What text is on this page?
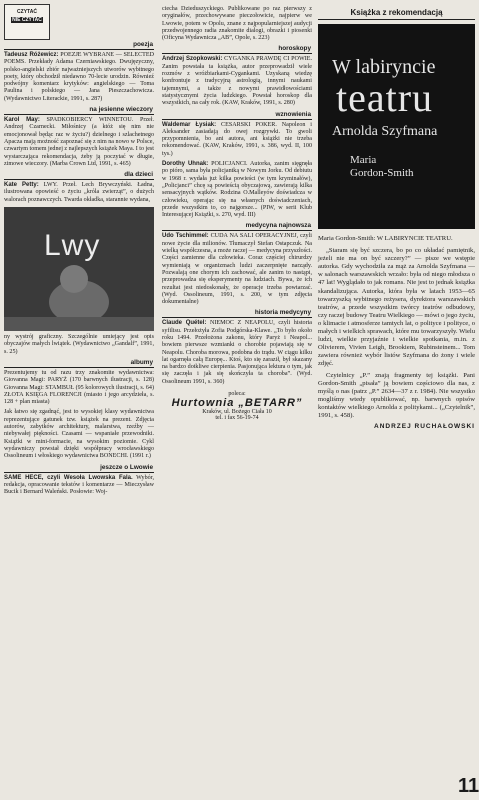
CZYTAĆ
NIE CZYTAĆ
poezja

Tadeusz Różewicz: POEZJE WYBRANE — SELECTED POEMS. Przekłady Adama Czerniawskiego. Dwujęzyczny, polsko-angielski zbiór najważniejszych utworów wybitnego poety, który obchodził niedawno 70-lecie urodzin. Równieź podwójny komentarz krytyków: angielskiego — Toma Paulina i polskiego — Jana Pieszczachowicza. (Wydawnictwo Literackie, 1991, s. 287)

na jesienne wieczory

Karol May: SPADKOBIERCY WINNETOU. Przeł. Andrzej Czarnecki. Miłośnicy (a któż się nim nie emocjonował będąc raz w życiu?) dzielnego i szlachetnego Apacza mają możność zapoznać się z nim na nowo w Polsce, czwartym tomem jednej z najlepszych książek Maya. I to jest wystarczająca rekomendacja, żeby ją poczytać w długie, zimowe wieczory. (Marba Crown Ltd, 1991, s. 465)

dla dzieci

Kate Petty: LWY. Przeł. Lech Brywczyński. Ładna, ilustrowana opowieść o życiu „króla zwierząt”, o dużych walorach poznawczych. Twarda okładka, starannie wydana,

Lwy

ny wystrój graficzny. Szczególnie umiejący jest opis obyczajów małych lwiątek. (Wydawnictwo „Gandalf”, 1991, s. 25)

albumy

Prezentujemy tu od razu trzy znakomite wydawnictwa: Giovanna Magi: PARYŻ (170 barwnych ilustracji, s. 128) Giovanna Magi: STAMBUŁ (95 kolorowych ilustracji, s. 64) ZŁOTA KSIĘGA FLORENCJI (miasto i jego arcydzieła, s. 128 + plan miasta)

Jak łatwo się zgadnąć, jest to wysokiej klasy wydawnictwa reprezentujące gatunek tzw. książek na prezent. Zdjęcia autorów, zabytków architektury, malarstwa, rzeźby — niebywałej piękności. Czasami — wspaniałe przewodniki. Książki w mini-formacie, na wysokim poziomie. Cykl wydawniczy powstał dzięki współpracy wrocławskiego Ossolineum i włoskiego wydawnictwa BONECHI. (1991 r.)

jeszcze o Lwowie

SAME HECE, czyli Wesoła Lwowska Fala. Wybór, redakcja, opracowanie tekstów i komentarze — Mieczysław Bucik i Bernard Waleński. Posłowie: Woj-

ciecha Dzieduszyckiego. Publikowane po raz pierwszy z oryginałów, przechowywane pieczołowicie, najpierw we Lwowie, potem w Opolu, znane z najpopularniejszej audycji przedwojennego radia znakomite dialogi, obrazki i piosenki (Oficyna Wydawnicza „AB”, Opole, s. 223)

horoskopy

Andrzej Szopkowski: CYGANKA PRAWDĘ CI POWIE. Zanim powstała ta książka, autor przeprowadził wiele rozmów z wróżbiarkami-Cygankami. Uzyskaną wiedzę konfrontuje z tradycyjną astrologią, innymi naukami tajemnymi, a także z nowymi prawidłowościami statystycznymi życia ludzkiego. Powstał horoskop dla wszystkich, na cały rok. (KAW, Kraków, 1991, s. 280)

wznowienia

Waldemar Łysiak: CESARSKI POKER. Napoleon i Aleksander zasiadają do owej rozgrywki. To gwoli przypomnienia, bo ani autora, ani książki nie trzeba rekomendować. (KAW, Kraków, 1991, s. 386, wyd. II, 100 tys.)

Dorothy Uhnak: POLICJANCI. Autorka, zanim sięgnęła po pióro, sama była policjantką w Nowym Jorku. Od debiutu w 1968 r. wydała już kilka powieści (w tym kryminałów), „Policjanci” chcę są powieścią obyczajową, zawierają kilka sensacyjnych wątków. Rodzina O.Malleyów doświadcza w człowieku, operając się na własnych doświadczeniach, przede wszystkim to, co najgorsze... (PIW, w serii Klub Interesującej Książki, s. 270, wyd. III)

medycyna najnowsza

Udo Tschimmel: CUDA NA SALI OPERACYJNEJ, czyli nowe życie dla milionów. Tłumaczył Stefan Ostapczuk. Na wielką współczesna, a może raczej — medycyna przyszłości. Części zamienne dla człowieka. Coraz częściej chirurdzy wymieniają w organizmach ludzi zaczerpnięte narządy. Pozwalają one chorym ich zachować, ale zanim to nastąpi, przeprowadza się eksperymenty na ludziach. Bywa, że ich rezultat jest niedoskonały, że operacje trzeba powtarzać. (Wyd. Ossolineum, 1991, s. 200, w tym zdjęcia dokumentalne)

historia medycyny

Claude Quétel: NIEMOC Z NEAPOLU, czyli historia syfilisu. Przełożyła Zofia Podgórska-Klawe. „To było około roku 1494. Przełożona zakonu, który Paryż i Neapol... bowiem pierwsze wzmianki o chorobie pojawiają się w Neapolu. Choroba morowa, podobna do trądu. W ciągu kilku lat ogarnęła całą Europę... Ktoś, kto się zaraził, był skazany na bardzo dotkliwe cierpienia. Pasjonująca lektura o tym, jak się zaczęła i jak się skończyła ta choroba”. (Wyd. Ossolineum 1991, s. 360)

poleca:
Hurtownia „BETARR”
Kraków, ul. Bożego Ciała 10
tel. i fax 56-19-74
Książka z rekomendacją
W labiryncie
teatru
Arnolda Szyfmana
Maria
Gordon-Smith

Maria Gordon-Smith: W LABIRYNCIE TEATRU.

„Staram się być szczera, bo po co układać pamiętnik, jeżeli nie ma on być szczery?” — pisze we wstępie autorka. Gdy wychodziła za mąż za Arnolda Szyfmana — w salonach warszawskich wrzało: była od niego młodsza o 47 lat! Wyglądało to jak romans. Nie jest to jednak książka skandalizująca. Autorka, która była w latach 1953—65 towarzyszką wybitnego reżysera, dyrektora warszawskich teatrów, a przede wszystkim twórcy teatrów odbudowy, czy raczej budowy Teatru Wielkiego — mówi o jego życiu, o klimacie i atmosferze tamtych lat, o polityce i polityce, o małych i wielkich sprawach, które mu towarzyszyły. Wielu ludzi, wielkie przyjaźnie i wielkie spotkania, m.in. z Olivierem, Vivien Leigh, Brookiem, Rubinsteinem... Tom zawiera również wybór listów Szyfmana do żony i wiele zdjęć.

Czytelnicy „P.” znają fragmenty tej książki. Pani Gordon-Smith „pisała” ją bowiem częściowo dla nas, z myślą o nas (patrz „P.” 2634—37 z r. 1984). Nie wszystko mogliśmy wtedy opublikować, np. barwnych opisów kontaktów wielkiego Arnolda z politykami... („Czytelnik”, 1991, s. 458).

ANDRZEJ RUCHAŁOWSKI
11
